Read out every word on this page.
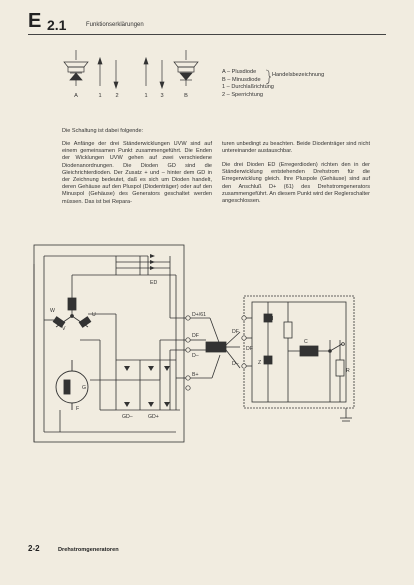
E 2.1	Funktionserklärungen
A	1 2	1 3	B
A – Plusdiode
B – Minusdiode
1 – Durchlaßrichtung
2 – Sperrichtung
Handelsbezeichnung
Die Schaltung ist dabei folgende:
Die Anfänge der drei Ständerwicklungen UVW sind auf einem gemeinsamen Punkt zusammengeführt. Die Enden der Wicklungen UVW gehen auf zwei verschiedene Diodenanordnungen. Die Dioden GD sind die Gleichrichterdioden. Der Zusatz + und – hinter dem GD in der Zeichnung bedeutet, daß es sich um Dioden handelt, deren Gehäuse auf den Pluspol (Diodenträger) oder auf den Minuspol (Gehäuse) des Generators geschaltet werden müssen. Das ist bei Repara-
turen unbedingt zu beachten. Beide Diodenträger sind nicht untereinander austauschbar.
Die drei Dioden ED (Erregerdioden) richten den in der Ständerwicklung entstehenden Drehstrom für die Erregerwicklung gleich. Ihre Pluspole (Gehäuse) sind auf den Anschluß D+ (61) des Drehstromgenerators zusammengeführt. An diesem Punkt wird der Reglerschalter angeschlossen.
ED
W
U
V
G
F
GD–	GD+
D+/61
DF
D–
B+
DF
D–
DF
I
Z
C
R
2-2	Drehstromgeneratoren
